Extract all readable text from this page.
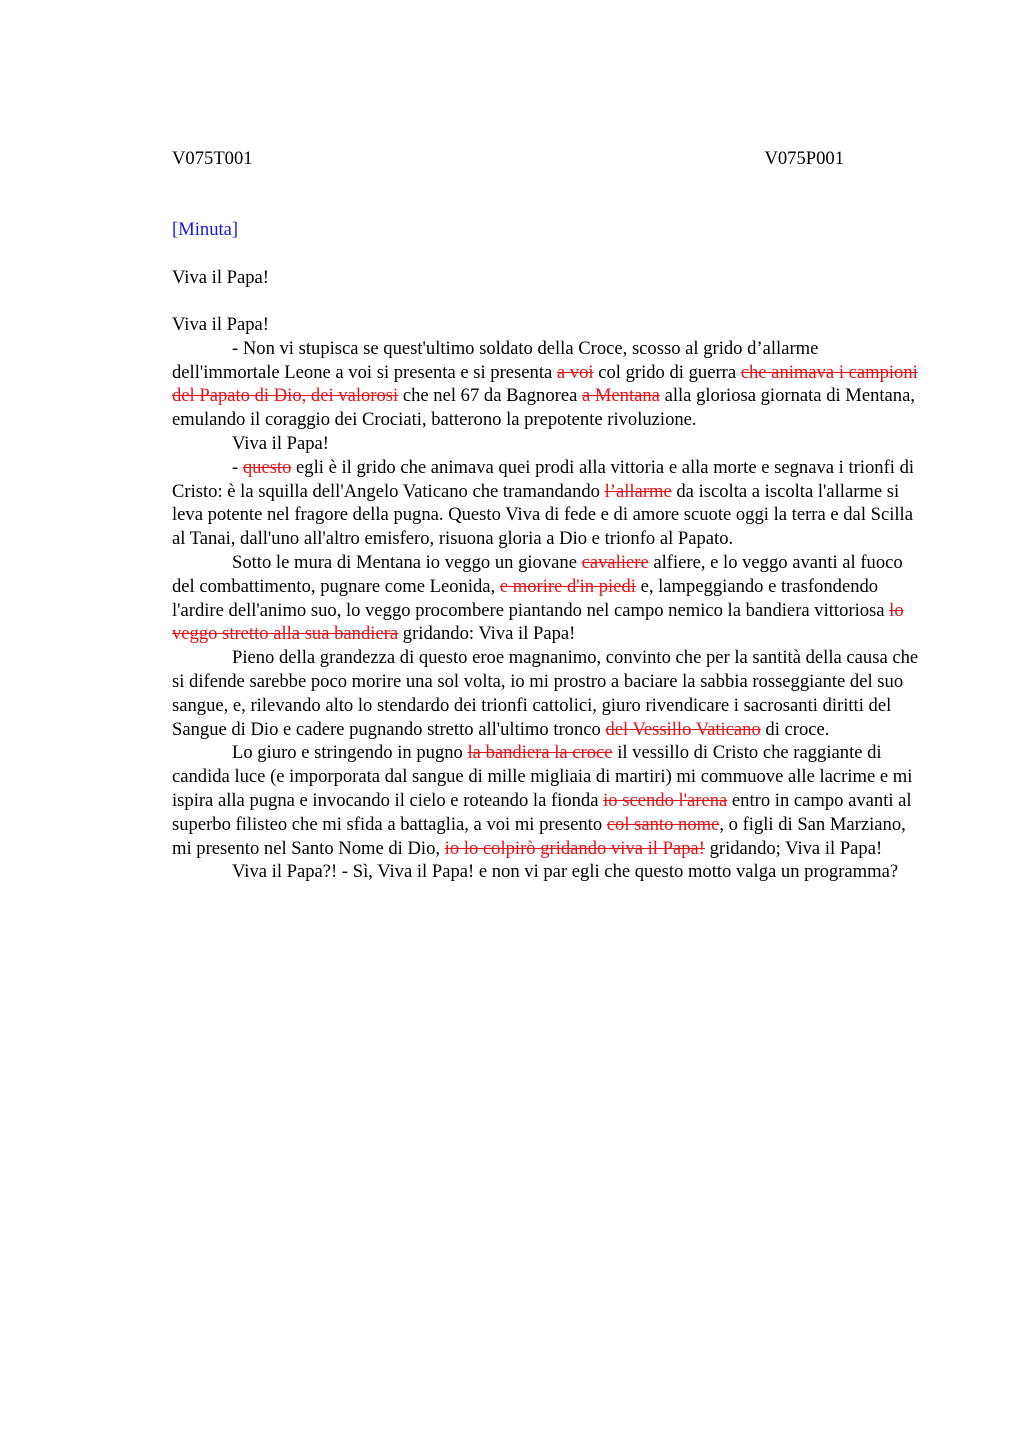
V075T001	V075P001
[Minuta]
Viva il Papa!

Viva il Papa!

- Non vi stupisca se quest'ultimo soldato della Croce, scosso al grido d’allarme dell'immortale Leone a voi si presenta e si presenta a voi col grido di guerra che animava i campioni del Papato di Dio, dei valorosi che nel 67 da Bagnorea a Mentana alla gloriosa giornata di Mentana, emulando il coraggio dei Crociati, batterono la prepotente rivoluzione.

Viva il Papa!

- questo egli è il grido che animava quei prodi alla vittoria e alla morte e segnava i trionfi di Cristo: è la squilla dell'Angelo Vaticano che tramandando l’allarme da iscolta a iscolta l'allarme si leva potente nel fragore della pugna. Questo Viva di fede e di amore scuote oggi la terra e dal Scilla al Tanai, dall'uno all'altro emisfero, risuona gloria a Dio e trionfo al Papato.

Sotto le mura di Mentana io veggo un giovane cavaliere alfiere, e lo veggo avanti al fuoco del combattimento, pugnare come Leonida, e morire d'in piedi e, lampeggiando e trasfondendo l'ardire dell'animo suo, lo veggo procombere piantando nel campo nemico la bandiera vittoriosa lo veggo stretto alla sua bandiera gridando: Viva il Papa!

Pieno della grandezza di questo eroe magnanimo, convinto che per la santità della causa che si difende sarebbe poco morire una sol volta, io mi prostro a baciare la sabbia rosseggiante del suo sangue, e, rilevando alto lo stendardo dei trionfi cattolici, giuro rivendicare i sacrosanti diritti del Sangue di Dio e cadere pugnando stretto all'ultimo tronco del Vessillo Vaticano di croce.

Lo giuro e stringendo in pugno la bandiera la croce il vessillo di Cristo che raggiante di candida luce (e imporporata dal sangue di mille migliaia di martiri) mi commuove alle lacrime e mi ispira alla pugna e invocando il cielo e roteando la fionda io scendo l'arena entro in campo avanti al superbo filisteo che mi sfida a battaglia, a voi mi presento col santo nome, o figli di San Marziano, mi presento nel Santo Nome di Dio, io lo colpirò gridando viva il Papa! gridando; Viva il Papa!

Viva il Papa?! - Sì, Viva il Papa! e non vi par egli che questo motto valga un programma?
